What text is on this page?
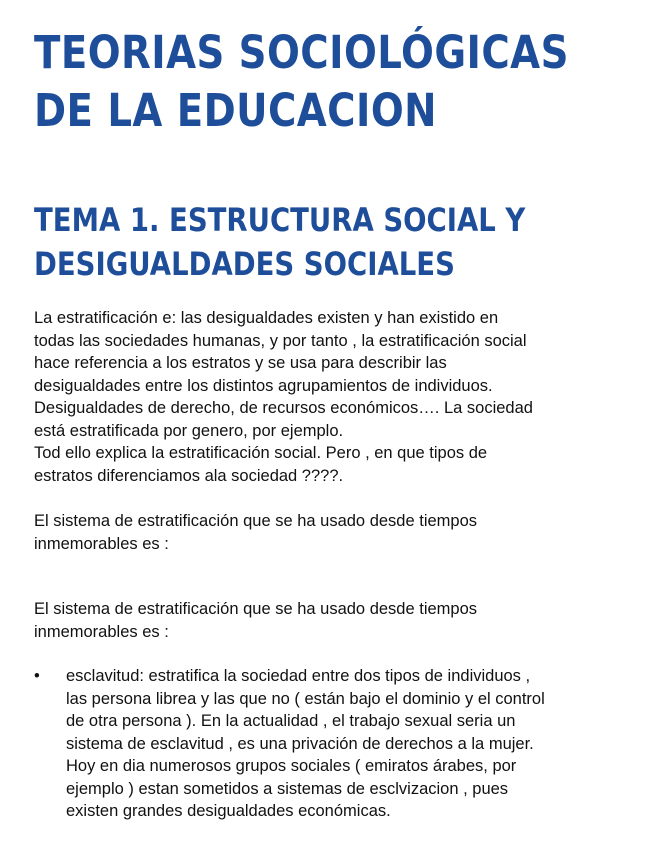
TEORIAS SOCIOLÓGICAS
DE LA EDUCACION
TEMA 1. ESTRUCTURA SOCIAL Y
DESIGUALDADES SOCIALES

La estratificación e: las desigualdades existen y han existido en
todas las sociedades humanas, y por tanto , la estratificación social
hace referencia a los estratos y se usa para describir las
desigualdades entre los distintos agrupamientos de individuos.
Desigualdades de derecho, de recursos económicos…. La sociedad
está estratificada por genero, por ejemplo.
Tod ello explica la estratificación social. Pero , en que tipos de
estratos diferenciamos ala sociedad ????.

El sistema de estratificación que se ha usado desde tiempos
inmemorables es :

El sistema de estratificación que se ha usado desde tiempos
inmemorables es :

• esclavitud: estratifica la sociedad entre dos tipos de individuos ,
las persona librea y las que no ( están bajo el dominio y el control
de otra persona ). En la actualidad , el trabajo sexual seria un
sistema de esclavitud , es una privación de derechos a la mujer.
Hoy en dia numerosos grupos sociales ( emiratos árabes, por
ejemplo ) estan sometidos a sistemas de esclvizacion , pues
existen grandes desigualdades económicas.
